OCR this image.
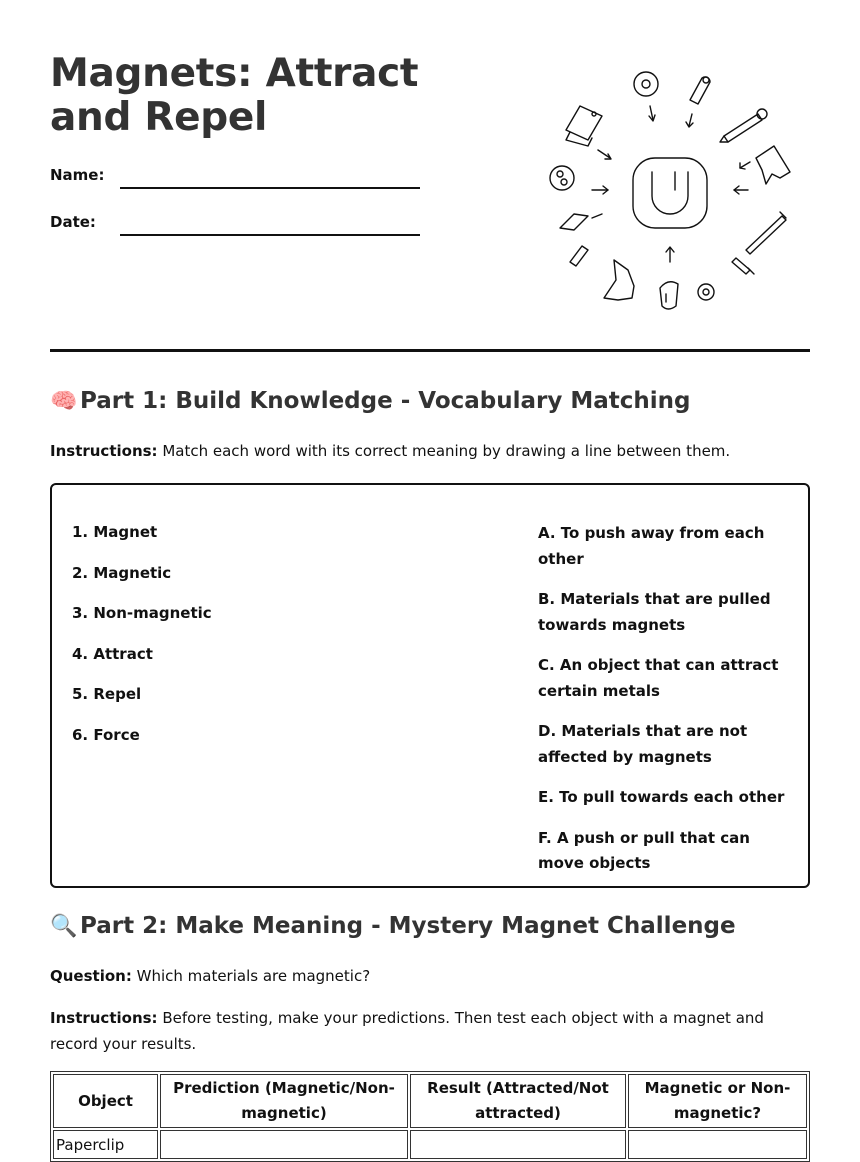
Magnets: Attract and Repel
Name:
Date:
🧠 Part 1: Build Knowledge - Vocabulary Matching

Instructions: Match each word with its correct meaning by drawing a line between them.

1. Magnet
2. Magnetic
3. Non-magnetic
4. Attract
5. Repel
6. Force
A. To push away from each other
B. Materials that are pulled towards magnets
C. An object that can attract certain metals
D. Materials that are not affected by magnets
E. To pull towards each other
F. A push or pull that can move objects
🔍 Part 2: Make Meaning - Mystery Magnet Challenge

Question: Which materials are magnetic?

Instructions: Before testing, make your predictions. Then test each object with a magnet and record your results.

Object	Prediction (Magnetic/Non-magnetic)	Result (Attracted/Not attracted)	Magnetic or Non-magnetic?
Paperclip			
